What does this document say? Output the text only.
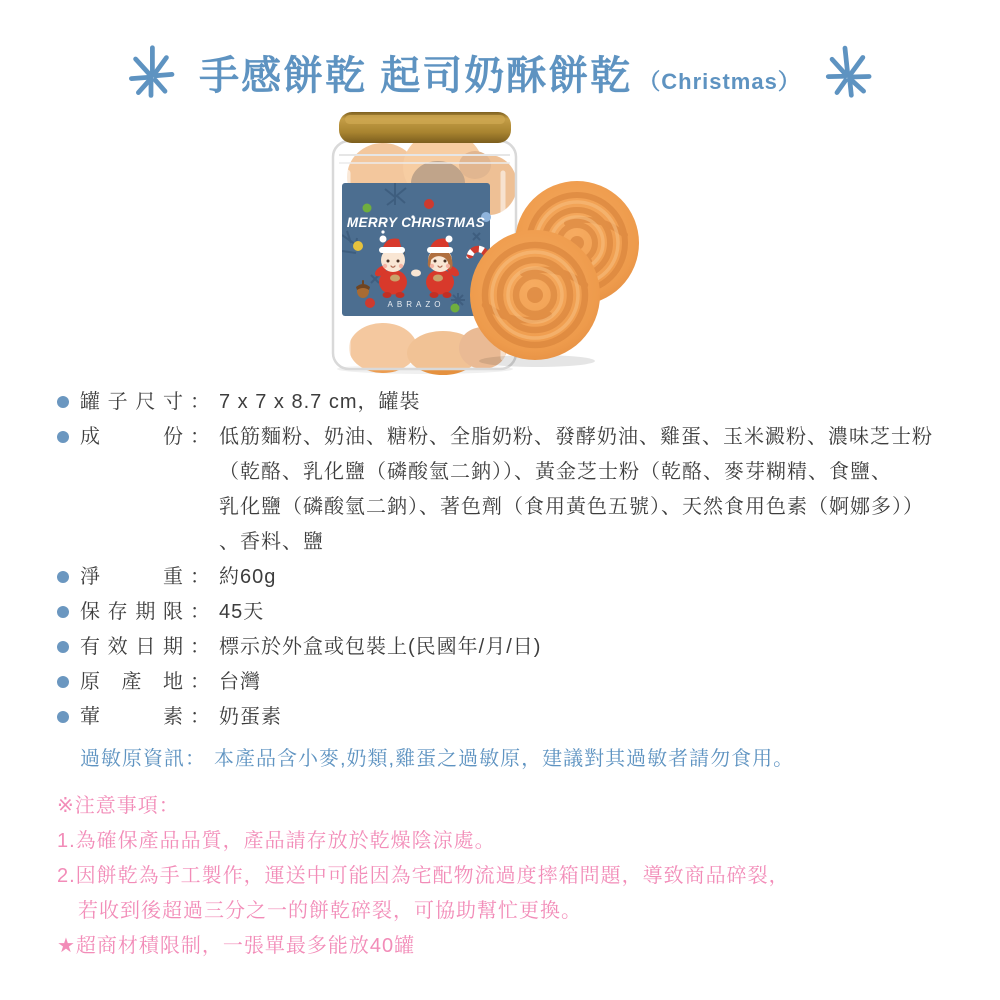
手感餅乾 起司奶酥餅乾 （Christmas）
MERRY CHRISTMAS
ABRAZO
罐子尺寸 ： 7 x 7 x 8.7 cm，罐裝
成份 ： 低筋麵粉、奶油、糖粉、全脂奶粉、發酵奶油、雞蛋、玉米澱粉、濃味芝士粉
（乾酪、乳化鹽（磷酸氫二鈉））、黃金芝士粉（乾酪、麥芽糊精、食鹽、
乳化鹽（磷酸氫二鈉）、著色劑（食用黃色五號）、天然食用色素（婀娜多））
、香料、鹽
淨重 ： 約60g
保存期限 ： 45天
有效日期 ： 標示於外盒或包裝上(民國年/月/日)
原產地 ： 台灣
葷素 ： 奶蛋素
過敏原資訊： 本產品含小麥,奶類,雞蛋之過敏原，建議對其過敏者請勿食用。
※注意事項：
1.為確保產品品質，產品請存放於乾燥陰涼處。
2.因餅乾為手工製作，運送中可能因為宅配物流過度摔箱問題，導致商品碎裂，
若收到後超過三分之一的餅乾碎裂，可協助幫忙更換。
★超商材積限制，一張單最多能放40罐
